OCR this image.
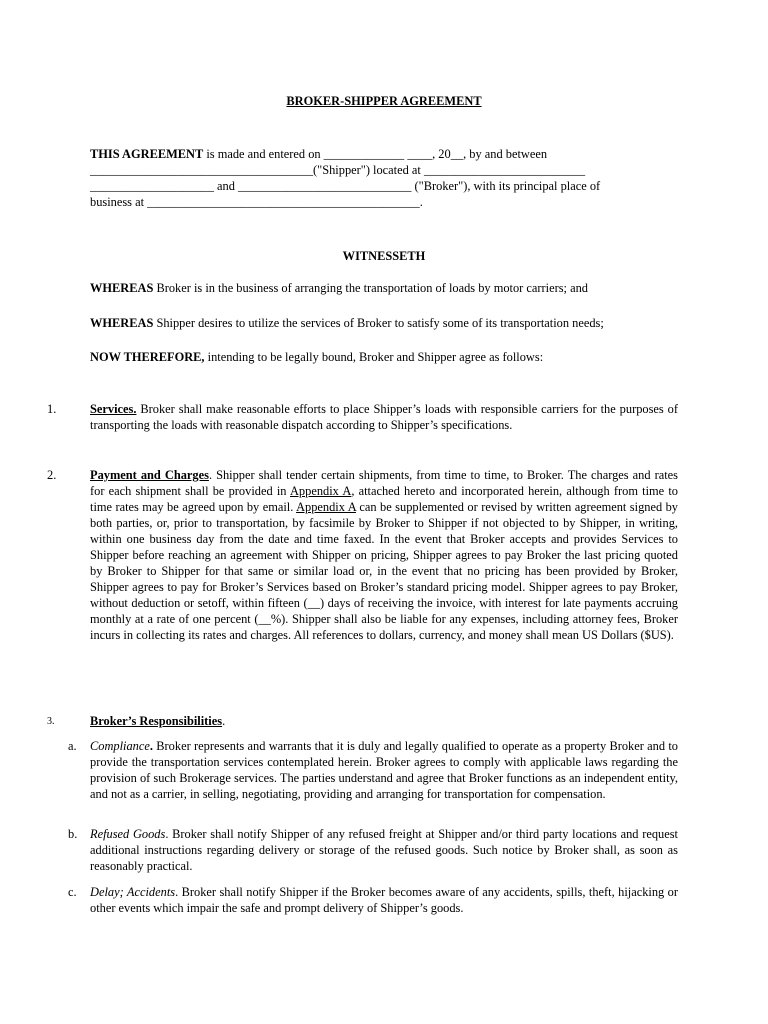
BROKER-SHIPPER AGREEMENT

THIS AGREEMENT is made and entered on _____________ ____, 20__, by and between

____________________________________("Shipper") located at __________________________

____________________ and ____________________________ ("Broker"), with its principal place of

business at ____________________________________________.

WITNESSETH

WHEREAS Broker is in the business of arranging the transportation of loads by motor carriers; and

WHEREAS Shipper desires to utilize the services of Broker to satisfy some of its transportation needs;

NOW THEREFORE, intending to be legally bound, Broker and Shipper agree as follows:

1.	Services. Broker shall make reasonable efforts to place Shipper’s loads with responsible carriers for the purposes of transporting the loads with reasonable dispatch according to Shipper’s specifications.

2.	Payment and Charges. Shipper shall tender certain shipments, from time to time, to Broker. The charges and rates for each shipment shall be provided in Appendix A, attached hereto and incorporated herein, although from time to time rates may be agreed upon by email. Appendix A can be supplemented or revised by written agreement signed by both parties, or, prior to transportation, by facsimile by Broker to Shipper if not objected to by Shipper, in writing, within one business day from the date and time faxed. In the event that Broker accepts and provides Services to Shipper before reaching an agreement with Shipper on pricing, Shipper agrees to pay Broker the last pricing quoted by Broker to Shipper for that same or similar load or, in the event that no pricing has been provided by Broker, Shipper agrees to pay for Broker’s Services based on Broker’s standard pricing model. Shipper agrees to pay Broker, without deduction or setoff, within fifteen (__) days of receiving the invoice, with interest for late payments accruing monthly at a rate of one percent (__%). Shipper shall also be liable for any expenses, including attorney fees, Broker incurs in collecting its rates and charges. All references to dollars, currency, and money shall mean US Dollars ($US).

3.	Broker’s Responsibilities.

a. Compliance. Broker represents and warrants that it is duly and legally qualified to operate as a property Broker and to provide the transportation services contemplated herein. Broker agrees to comply with applicable laws regarding the provision of such Brokerage services. The parties understand and agree that Broker functions as an independent entity, and not as a carrier, in selling, negotiating, providing and arranging for transportation for compensation.

b. Refused Goods. Broker shall notify Shipper of any refused freight at Shipper and/or third party locations and request additional instructions regarding delivery or storage of the refused goods. Such notice by Broker shall, as soon as reasonably practical.

c. Delay; Accidents. Broker shall notify Shipper if the Broker becomes aware of any accidents, spills, theft, hijacking or other events which impair the safe and prompt delivery of Shipper’s goods.
